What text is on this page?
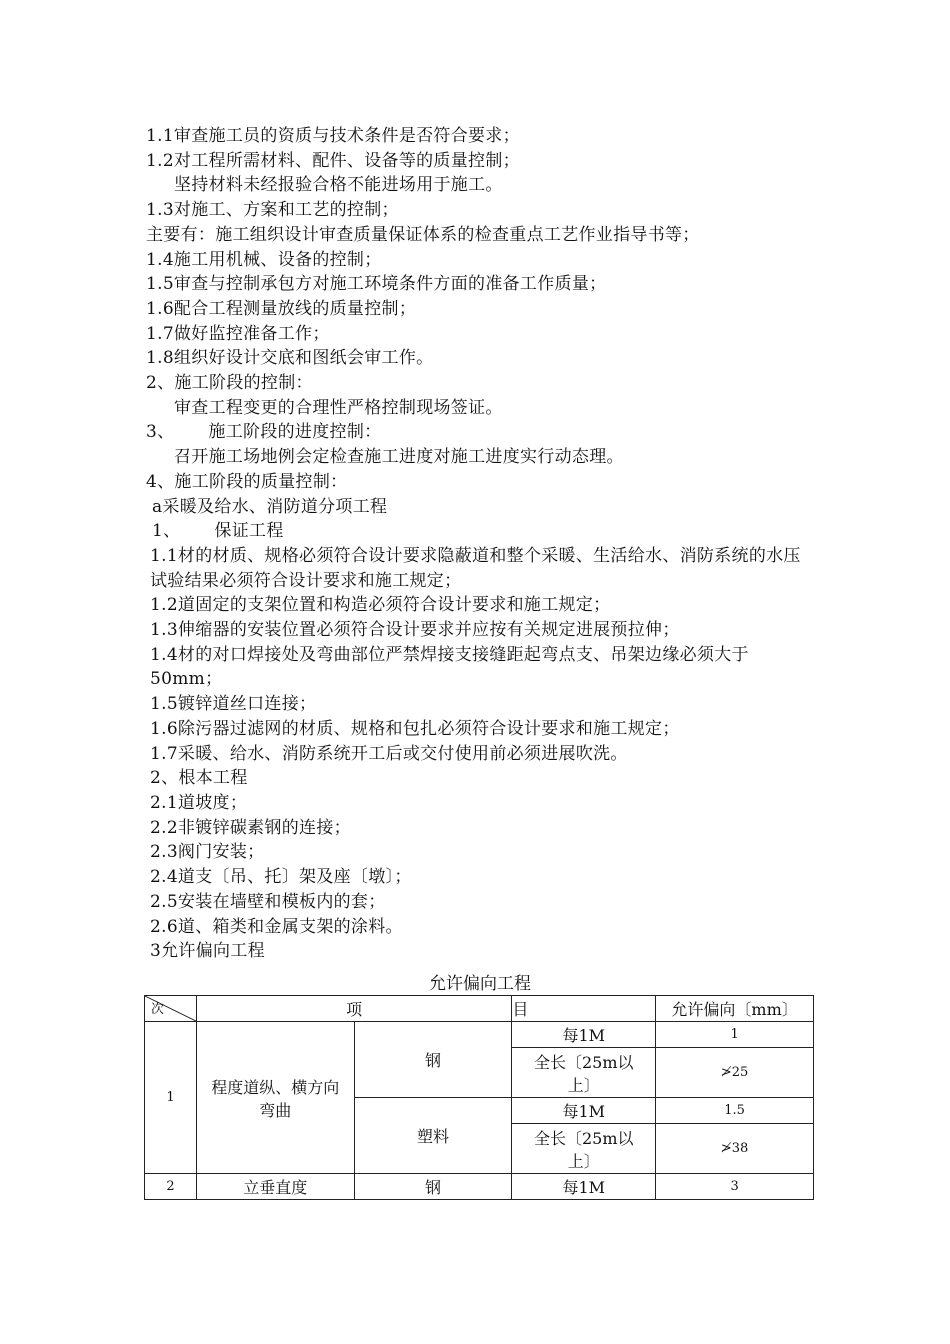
1.1审查施工员的资质与技术条件是否符合要求；
1.2对工程所需材料、配件、设备等的质量控制；
坚持材料未经报验合格不能进场用于施工。
1.3对施工、方案和工艺的控制；
主要有：施工组织设计审查质量保证体系的检查重点工艺作业指导书等；
1.4施工用机械、设备的控制；
1.5审查与控制承包方对施工环境条件方面的准备工作质量；
1.6配合工程测量放线的质量控制；
1.7做好监控准备工作；
1.8组织好设计交底和图纸会审工作。
2、施工阶段的控制：
审查工程变更的合理性严格控制现场签证。
3、 施工阶段的进度控制：
召开施工场地例会定检查施工进度对施工进度实行动态理。
4、施工阶段的质量控制：
a采暖及给水、消防道分项工程
1、 保证工程
1.1材的材质、规格必须符合设计要求隐蔽道和整个采暖、生活给水、消防系统的水压试验结果必须符合设计要求和施工规定；
1.2道固定的支架位置和构造必须符合设计要求和施工规定；
1.3伸缩器的安装位置必须符合设计要求并应按有关规定进展预拉伸；
1.4材的对口焊接处及弯曲部位严禁焊接支接缝距起弯点支、吊架边缘必须大于50mm；
1.5镀锌道丝口连接；
1.6除污器过滤网的材质、规格和包扎必须符合设计要求和施工规定；
1.7采暖、给水、消防系统开工后或交付使用前必须进展吹洗。
2、根本工程
2.1道坡度；
2.2非镀锌碳素钢的连接；
2.3阀门安装；
2.4道支〔吊、托〕架及座〔墩〕；
2.5安装在墙壁和模板内的套；
2.6道、箱类和金属支架的涂料。
3允许偏向工程
允许偏向工程
次	项		目	允许偏向〔mm〕
1	程度道纵、横方向弯曲	钢	每1M	1
			全长〔25m以上〕	≯25
		塑料	每1M	1.5
			全长〔25m以上〕	≯38
2	立垂直度	钢	每1M	3
